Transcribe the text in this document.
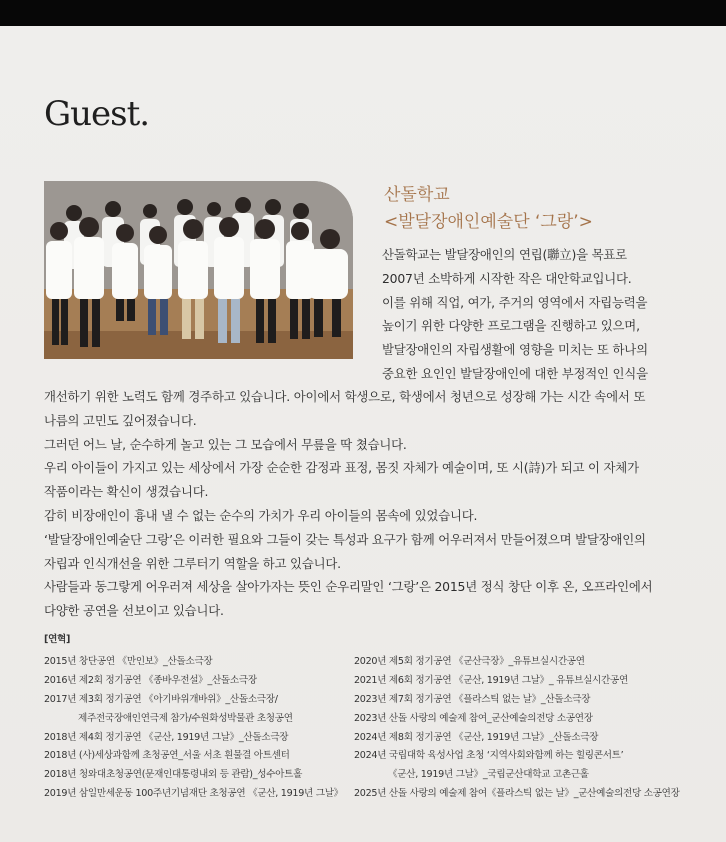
Guest.
산돌학교
<발달장애인예술단 ‘그랑’>
산돌학교는 발달장애인의 연립(聯立)을 목표로
2007년 소박하게 시작한 작은 대안학교입니다.
이를 위해 직업, 여가, 주거의 영역에서 자립능력을
높이기 위한 다양한 프로그램을 진행하고 있으며,
발달장애인의 자립생활에 영향을 미치는 또 하나의
중요한 요인인 발달장애인에 대한 부정적인 인식을
개선하기 위한 노력도 함께 경주하고 있습니다. 아이에서 학생으로, 학생에서 청년으로 성장해 가는 시간 속에서 또
나름의 고민도 깊어졌습니다.
그러던 어느 날, 순수하게 놀고 있는 그 모습에서 무릎을 딱 쳤습니다.
우리 아이들이 가지고 있는 세상에서 가장 순순한 감정과 표정, 몸짓 자체가 예술이며, 또 시(詩)가 되고 이 자체가
작품이라는 확신이 생겼습니다.
감히 비장애인이 흉내 낼 수 없는 순수의 가치가 우리 아이들의 몸속에 있었습니다.
‘발달장애인예술단 그랑’은 이러한 필요와 그들이 갖는 특성과 요구가 함께 어우러져서 만들어졌으며 발달장애인의
자립과 인식개선을 위한 그루터기 역할을 하고 있습니다.
사람들과 동그랗게 어우러져 세상을 살아가자는 뜻인 순우리말인 ‘그랑’은 2015년 정식 창단 이후 온, 오프라인에서
다양한 공연을 선보이고 있습니다.
[연혁]
2015년 창단공연 《만인보》_산돌소극장
2016년 제2회 정기공연 《종바우전설》_산돌소극장
2017년 제3회 정기공연 《아기바위개바위》_산돌소극장/
제주전국장애인연극제 참가/수원화성박물관 초청공연
2018년 제4회 정기공연 《군산, 1919년 그날》_산돌소극장
2018년 (사)세상과함께 초청공연_서울 서초 흰물결 아트센터
2018년 청와대초청공연(문재인대통령내외 등 관람)_성수아트홀
2019년 삼일만세운동 100주년기념재단 초청공연 《군산, 1919년 그날》
2020년 제5회 정기공연 《군산극장》_유튜브실시간공연
2021년 제6회 정기공연 《군산, 1919년 그날》_ 유튜브실시간공연
2023년 제7회 정기공연 《플라스틱 없는 날》_산돌소극장
2023년 산돌 사랑의 예술제 참여_군산예술의전당 소공연장
2024년 제8회 정기공연 《군산, 1919년 그날》_산돌소극장
2024년 국립대학 육성사업 초청 ‘지역사회와함께 하는 힐링콘서트’
《군산, 1919년 그날》_국립군산대학교 고촌근홀
2025년 산돌 사랑의 예술제 참여《플라스틱 없는 날》_군산예술의전당 소공연장
